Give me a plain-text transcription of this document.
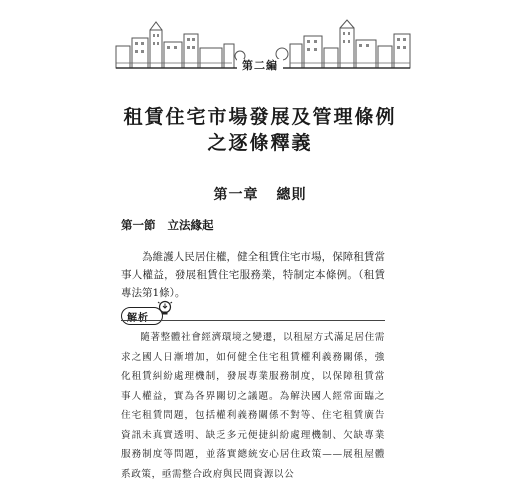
第二編
租賃住宅市場發展及管理條例
之逐條釋義
第一章 總則
第一節 立法緣起

為維護人民居住權，健全租賃住宅市場，保障租賃當事人權益，發展租賃住宅服務業，特制定本條例。（租賃專法第1條）。

解析

隨著整體社會經濟環境之變遷，以租屋方式滿足居住需求之國人日漸增加，如何健全住宅租賃權利義務關係，強化租賃糾紛處理機制，發展專業服務制度，以保障租賃當事人權益，實為各界關切之議題。為解決國人經常面臨之住宅租賃問題，包括權利義務關係不對等、住宅租賃廣告資訊未真實透明、缺乏多元便捷糾紛處理機制、欠缺專業服務制度等問題，並落實總統安心居住政策——展租屋體系政策，亟需整合政府與民間資源以公
